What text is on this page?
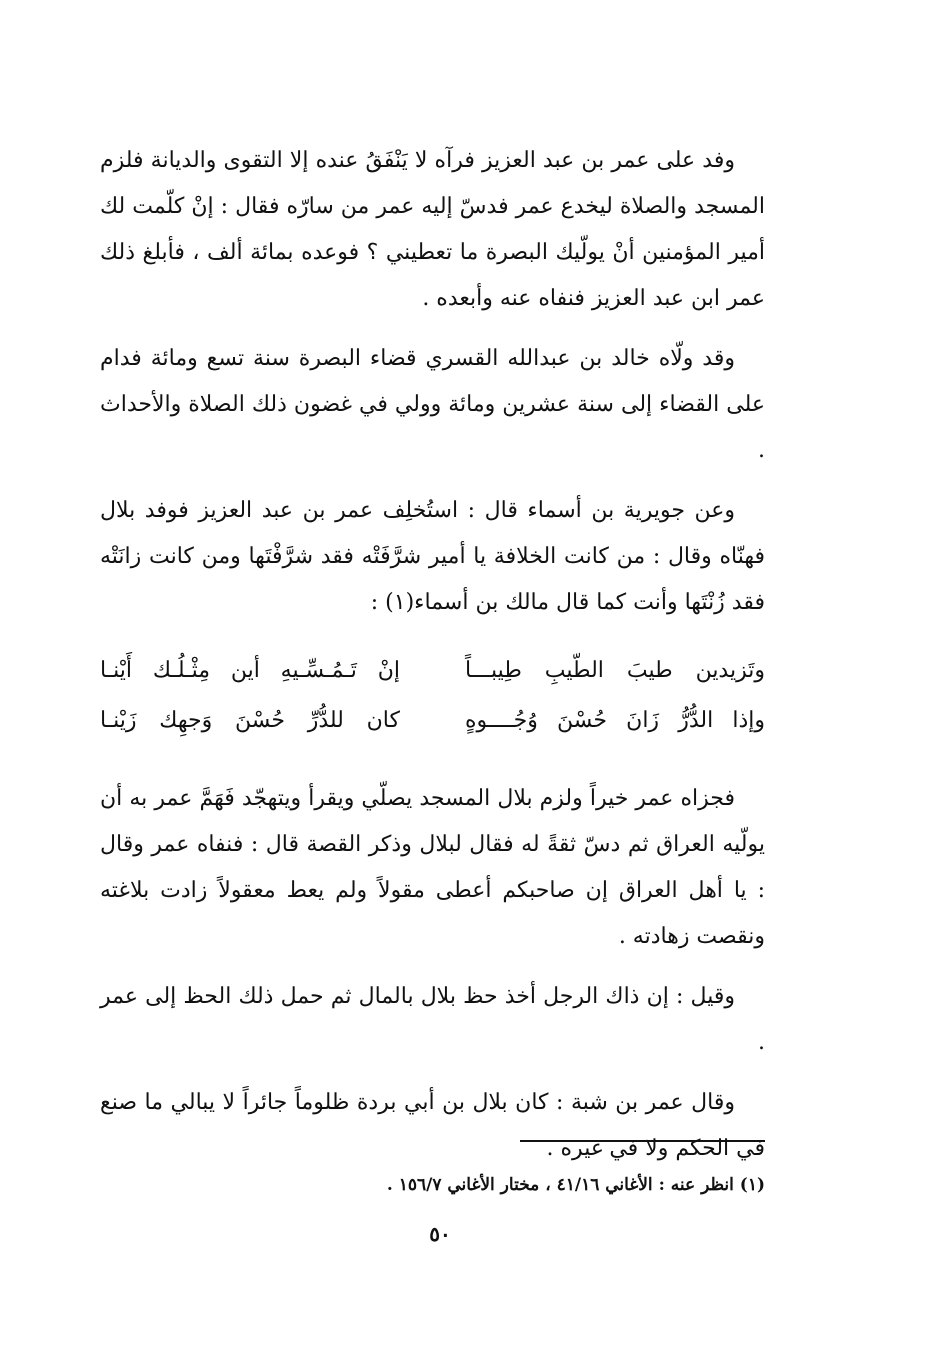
وفد على عمر بن عبد العزيز فرآه لا يَنْفَقُ عنده إلا التقوى والديانة فلزم المسجد والصلاة ليخدع عمر فدسّ إليه عمر من سارّه فقال : إنْ كلّمت لك أمير المؤمنين أنْ يولّيك البصرة ما تعطيني ؟ فوعده بمائة ألف ، فأبلغ ذلك عمر ابن عبد العزيز فنفاه عنه وأبعده .

وقد ولّاه خالد بن عبدالله القسري قضاء البصرة سنة تسع ومائة فدام على القضاء إلى سنة عشرين ومائة وولي في غضون ذلك الصلاة والأحداث .

وعن جويرية بن أسماء قال : استُخلِف عمر بن عبد العزيز فوفد بلال فهنّاه وقال : من كانت الخلافة يا أمير شرَّفَتْه فقد شرَّفْتَها ومن كانت زانَتْه فقد زُنْتَها وأنت كما قال مالك بن أسماء(١) :

وتَزيدين طيبَ الطّيبِ طِيبـــاً
إنْ تَـمُـسِّـيهِ أين مِثْـلُـك أَيْنـا
وإذا الدُّرُّ زَانَ حُسْنَ وُجُــــوهٍ
كان للدُّرِّ حُسْنَ وَجهِك زَيْنـا

فجزاه عمر خيراً ولزم بلال المسجد يصلّي ويقرأ ويتهجّد فَهَمَّ عمر به أن يولّيه العراق ثم دسّ ثقةً له فقال لبلال وذكر القصة قال : فنفاه عمر وقال : يا أهل العراق إن صاحبكم أعطى مقولاً ولم يعط معقولاً زادت بلاغته ونقصت زهادته .

وقيل : إن ذاك الرجل أخذ حظ بلال بالمال ثم حمل ذلك الحظ إلى عمر .

وقال عمر بن شبة : كان بلال بن أبي بردة ظلوماً جائراً لا يبالي ما صنع في الحكم ولا في غيره .

(١) انظر عنه : الأغاني ٤١/١٦ ، مختار الأغاني ١٥٦/٧ .
٥٠
